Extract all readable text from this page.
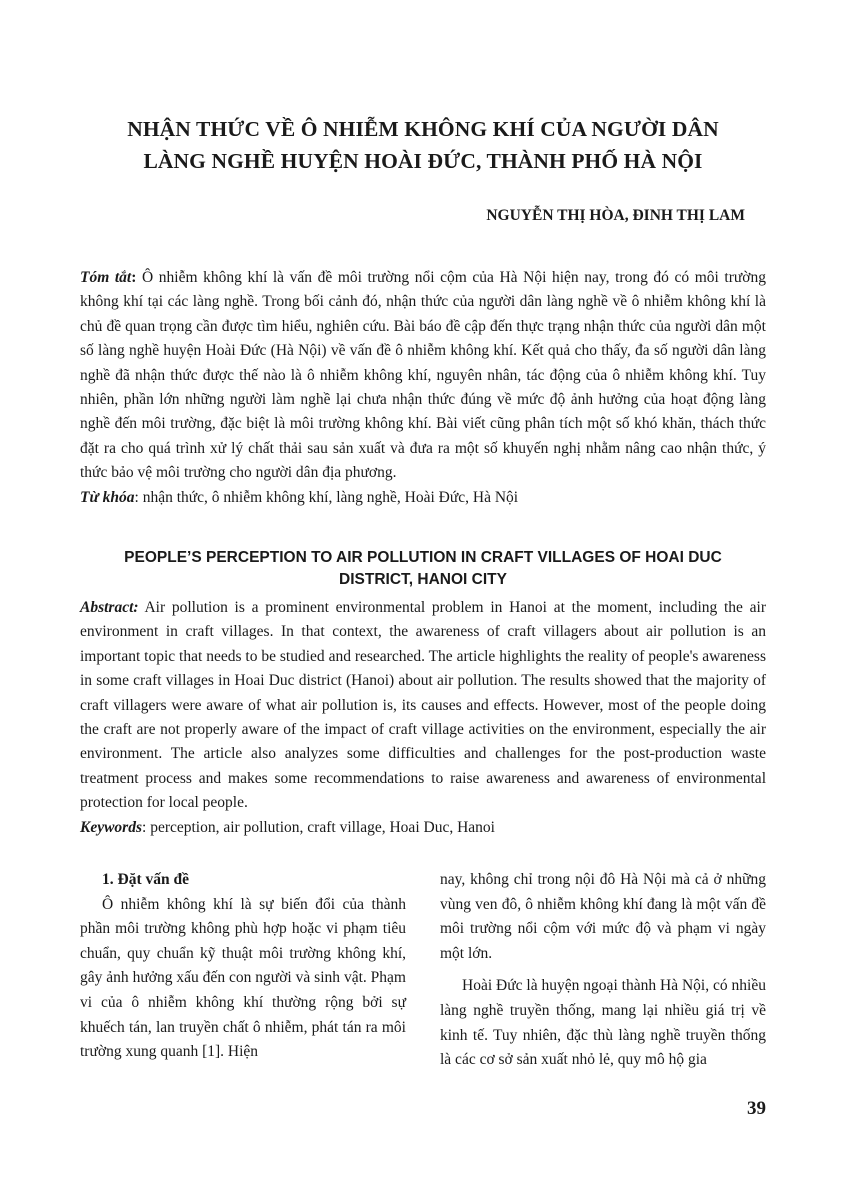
NHẬN THỨC VỀ Ô NHIỄM KHÔNG KHÍ CỦA NGƯỜI DÂN
LÀNG NGHỀ HUYỆN HOÀI ĐỨC, THÀNH PHỐ HÀ NỘI
NGUYỄN THỊ HÒA, ĐINH THỊ LAM

Tóm tắt: Ô nhiễm không khí là vấn đề môi trường nổi cộm của Hà Nội hiện nay, trong đó có môi trường không khí tại các làng nghề. Trong bối cảnh đó, nhận thức của người dân làng nghề về ô nhiễm không khí là chủ đề quan trọng cần được tìm hiểu, nghiên cứu. Bài báo đề cập đến thực trạng nhận thức của người dân một số làng nghề huyện Hoài Đức (Hà Nội) về vấn đề ô nhiễm không khí. Kết quả cho thấy, đa số người dân làng nghề đã nhận thức được thế nào là ô nhiễm không khí, nguyên nhân, tác động của ô nhiễm không khí. Tuy nhiên, phần lớn những người làm nghề lại chưa nhận thức đúng về mức độ ảnh hưởng của hoạt động làng nghề đến môi trường, đặc biệt là môi trường không khí. Bài viết cũng phân tích một số khó khăn, thách thức đặt ra cho quá trình xử lý chất thải sau sản xuất và đưa ra một số khuyến nghị nhằm nâng cao nhận thức, ý thức bảo vệ môi trường cho người dân địa phương.

Từ khóa: nhận thức, ô nhiễm không khí, làng nghề, Hoài Đức, Hà Nội

PEOPLE’S PERCEPTION TO AIR POLLUTION IN CRAFT VILLAGES OF HOAI DUC
DISTRICT, HANOI CITY

Abstract: Air pollution is a prominent environmental problem in Hanoi at the moment, including the air environment in craft villages. In that context, the awareness of craft villagers about air pollution is an important topic that needs to be studied and researched. The article highlights the reality of people's awareness in some craft villages in Hoai Duc district (Hanoi) about air pollution. The results showed that the majority of craft villagers were aware of what air pollution is, its causes and effects. However, most of the people doing the craft are not properly aware of the impact of craft village activities on the environment, especially the air environment. The article also analyzes some difficulties and challenges for the post-production waste treatment process and makes some recommendations to raise awareness and awareness of environmental protection for local people.

Keywords: perception, air pollution, craft village, Hoai Duc, Hanoi

1. Đặt vấn đề

Ô nhiễm không khí là sự biến đổi của thành phần môi trường không phù hợp hoặc vi phạm tiêu chuẩn, quy chuẩn kỹ thuật môi trường không khí, gây ảnh hưởng xấu đến con người và sinh vật. Phạm vi của ô nhiễm không khí thường rộng bởi sự khuếch tán, lan truyền chất ô nhiễm, phát tán ra môi trường xung quanh [1]. Hiện

nay, không chỉ trong nội đô Hà Nội mà cả ở những vùng ven đô, ô nhiễm không khí đang là một vấn đề môi trường nổi cộm với mức độ và phạm vi ngày một lớn.

Hoài Đức là huyện ngoại thành Hà Nội, có nhiều làng nghề truyền thống, mang lại nhiều giá trị về kinh tế. Tuy nhiên, đặc thù làng nghề truyền thống là các cơ sở sản xuất nhỏ lẻ, quy mô hộ gia

39
